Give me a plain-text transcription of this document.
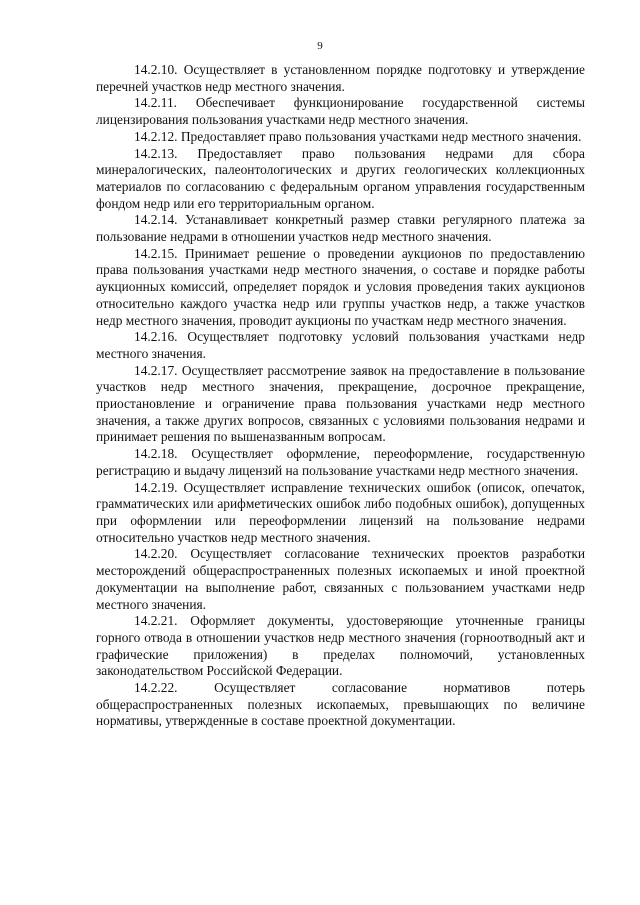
9

14.2.10. Осуществляет в установленном порядке подготовку и утверждение перечней участков недр местного значения.

14.2.11. Обеспечивает функционирование государственной системы лицензирования пользования участками недр местного значения.

14.2.12. Предоставляет право пользования участками недр местного значения.

14.2.13. Предоставляет право пользования недрами для сбора минералогических, палеонтологических и других геологических коллекционных материалов по согласованию с федеральным органом управления государственным фондом недр или его территориальным органом.

14.2.14. Устанавливает конкретный размер ставки регулярного платежа за пользование недрами в отношении участков недр местного значения.

14.2.15. Принимает решение о проведении аукционов по предоставлению права пользования участками недр местного значения, о составе и порядке работы аукционных комиссий, определяет порядок и условия проведения таких аукционов относительно каждого участка недр или группы участков недр, а также участков недр местного значения, проводит аукционы по участкам недр местного значения.

14.2.16. Осуществляет подготовку условий пользования участками недр местного значения.

14.2.17. Осуществляет рассмотрение заявок на предоставление в пользование участков недр местного значения, прекращение, досрочное прекращение, приостановление и ограничение права пользования участками недр местного значения, а также других вопросов, связанных с условиями пользования недрами и принимает решения по вышеназванным вопросам.

14.2.18. Осуществляет оформление, переоформление, государственную регистрацию и выдачу лицензий на пользование участками недр местного значения.

14.2.19. Осуществляет исправление технических ошибок (описок, опечаток, грамматических или арифметических ошибок либо подобных ошибок), допущенных при оформлении или переоформлении лицензий на пользование недрами относительно участков недр местного значения.

14.2.20. Осуществляет согласование технических проектов разработки месторождений общераспространенных полезных ископаемых и иной проектной документации на выполнение работ, связанных с пользованием участками недр местного значения.

14.2.21. Оформляет документы, удостоверяющие уточненные границы горного отвода в отношении участков недр местного значения (горноотводный акт и графические приложения) в пределах полномочий, установленных законодательством Российской Федерации.

14.2.22. Осуществляет согласование нормативов потерь общераспространенных полезных ископаемых, превышающих по величине нормативы, утвержденные в составе проектной документации.
